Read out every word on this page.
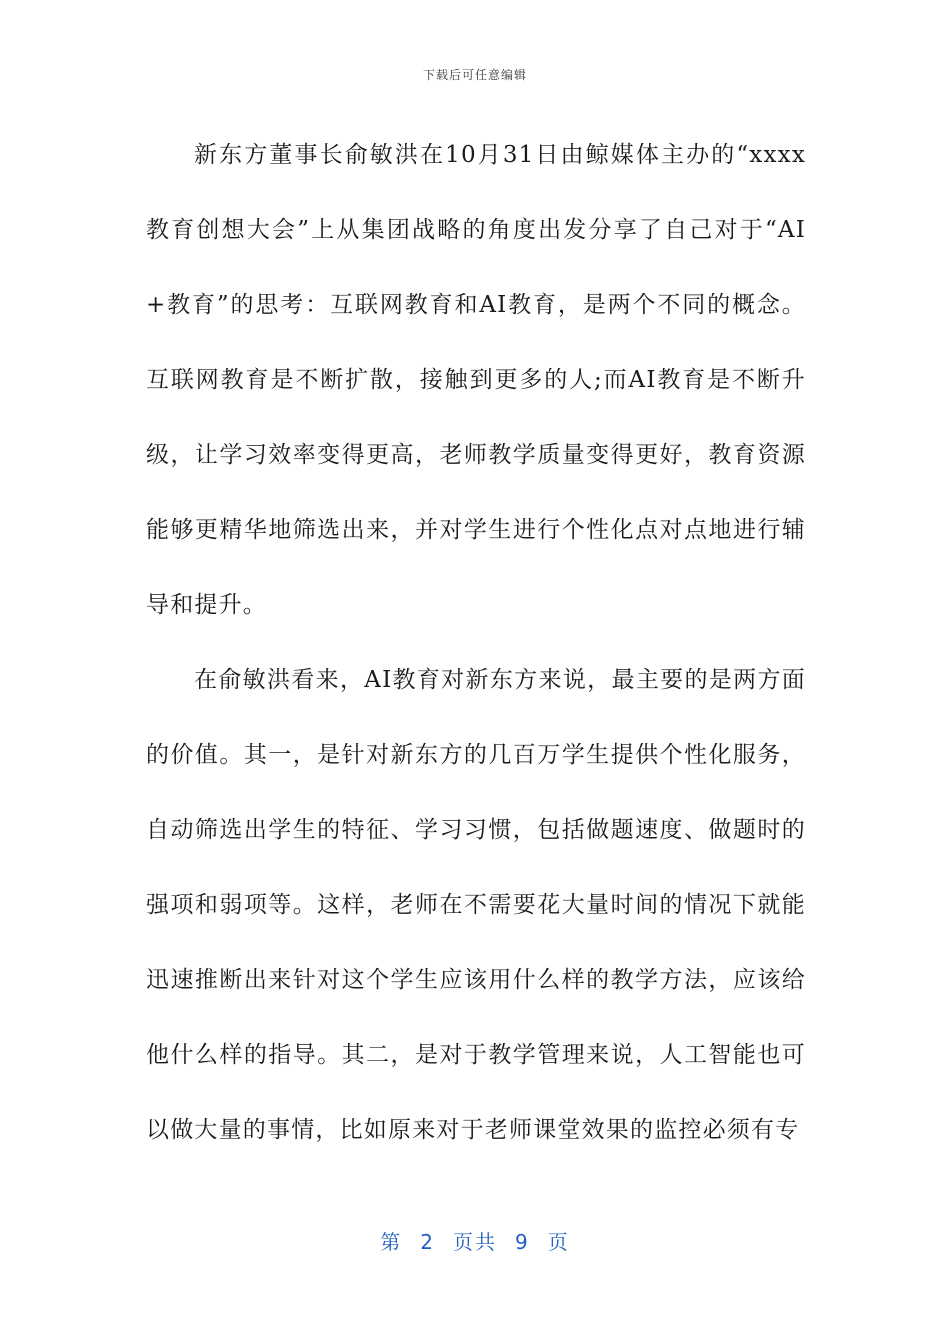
下载后可任意编辑

新东方董事长俞敏洪在10月31日由鲸媒体主办的“xxxx教育创想大会”上从集团战略的角度出发分享了自己对于“AI+教育”的思考：互联网教育和AI教育，是两个不同的概念。互联网教育是不断扩散，接触到更多的人;而AI教育是不断升级，让学习效率变得更高，老师教学质量变得更好，教育资源能够更精华地筛选出来，并对学生进行个性化点对点地进行辅导和提升。

在俞敏洪看来，AI教育对新东方来说，最主要的是两方面的价值。其一，是针对新东方的几百万学生提供个性化服务，自动筛选出学生的特征、学习习惯，包括做题速度、做题时的强项和弱项等。这样，老师在不需要花大量时间的情况下就能迅速推断出来针对这个学生应该用什么样的教学方法，应该给他什么样的指导。其二，是对于教学管理来说，人工智能也可以做大量的事情，比如原来对于老师课堂效果的监控必须有专

第 2 页共 9 页
